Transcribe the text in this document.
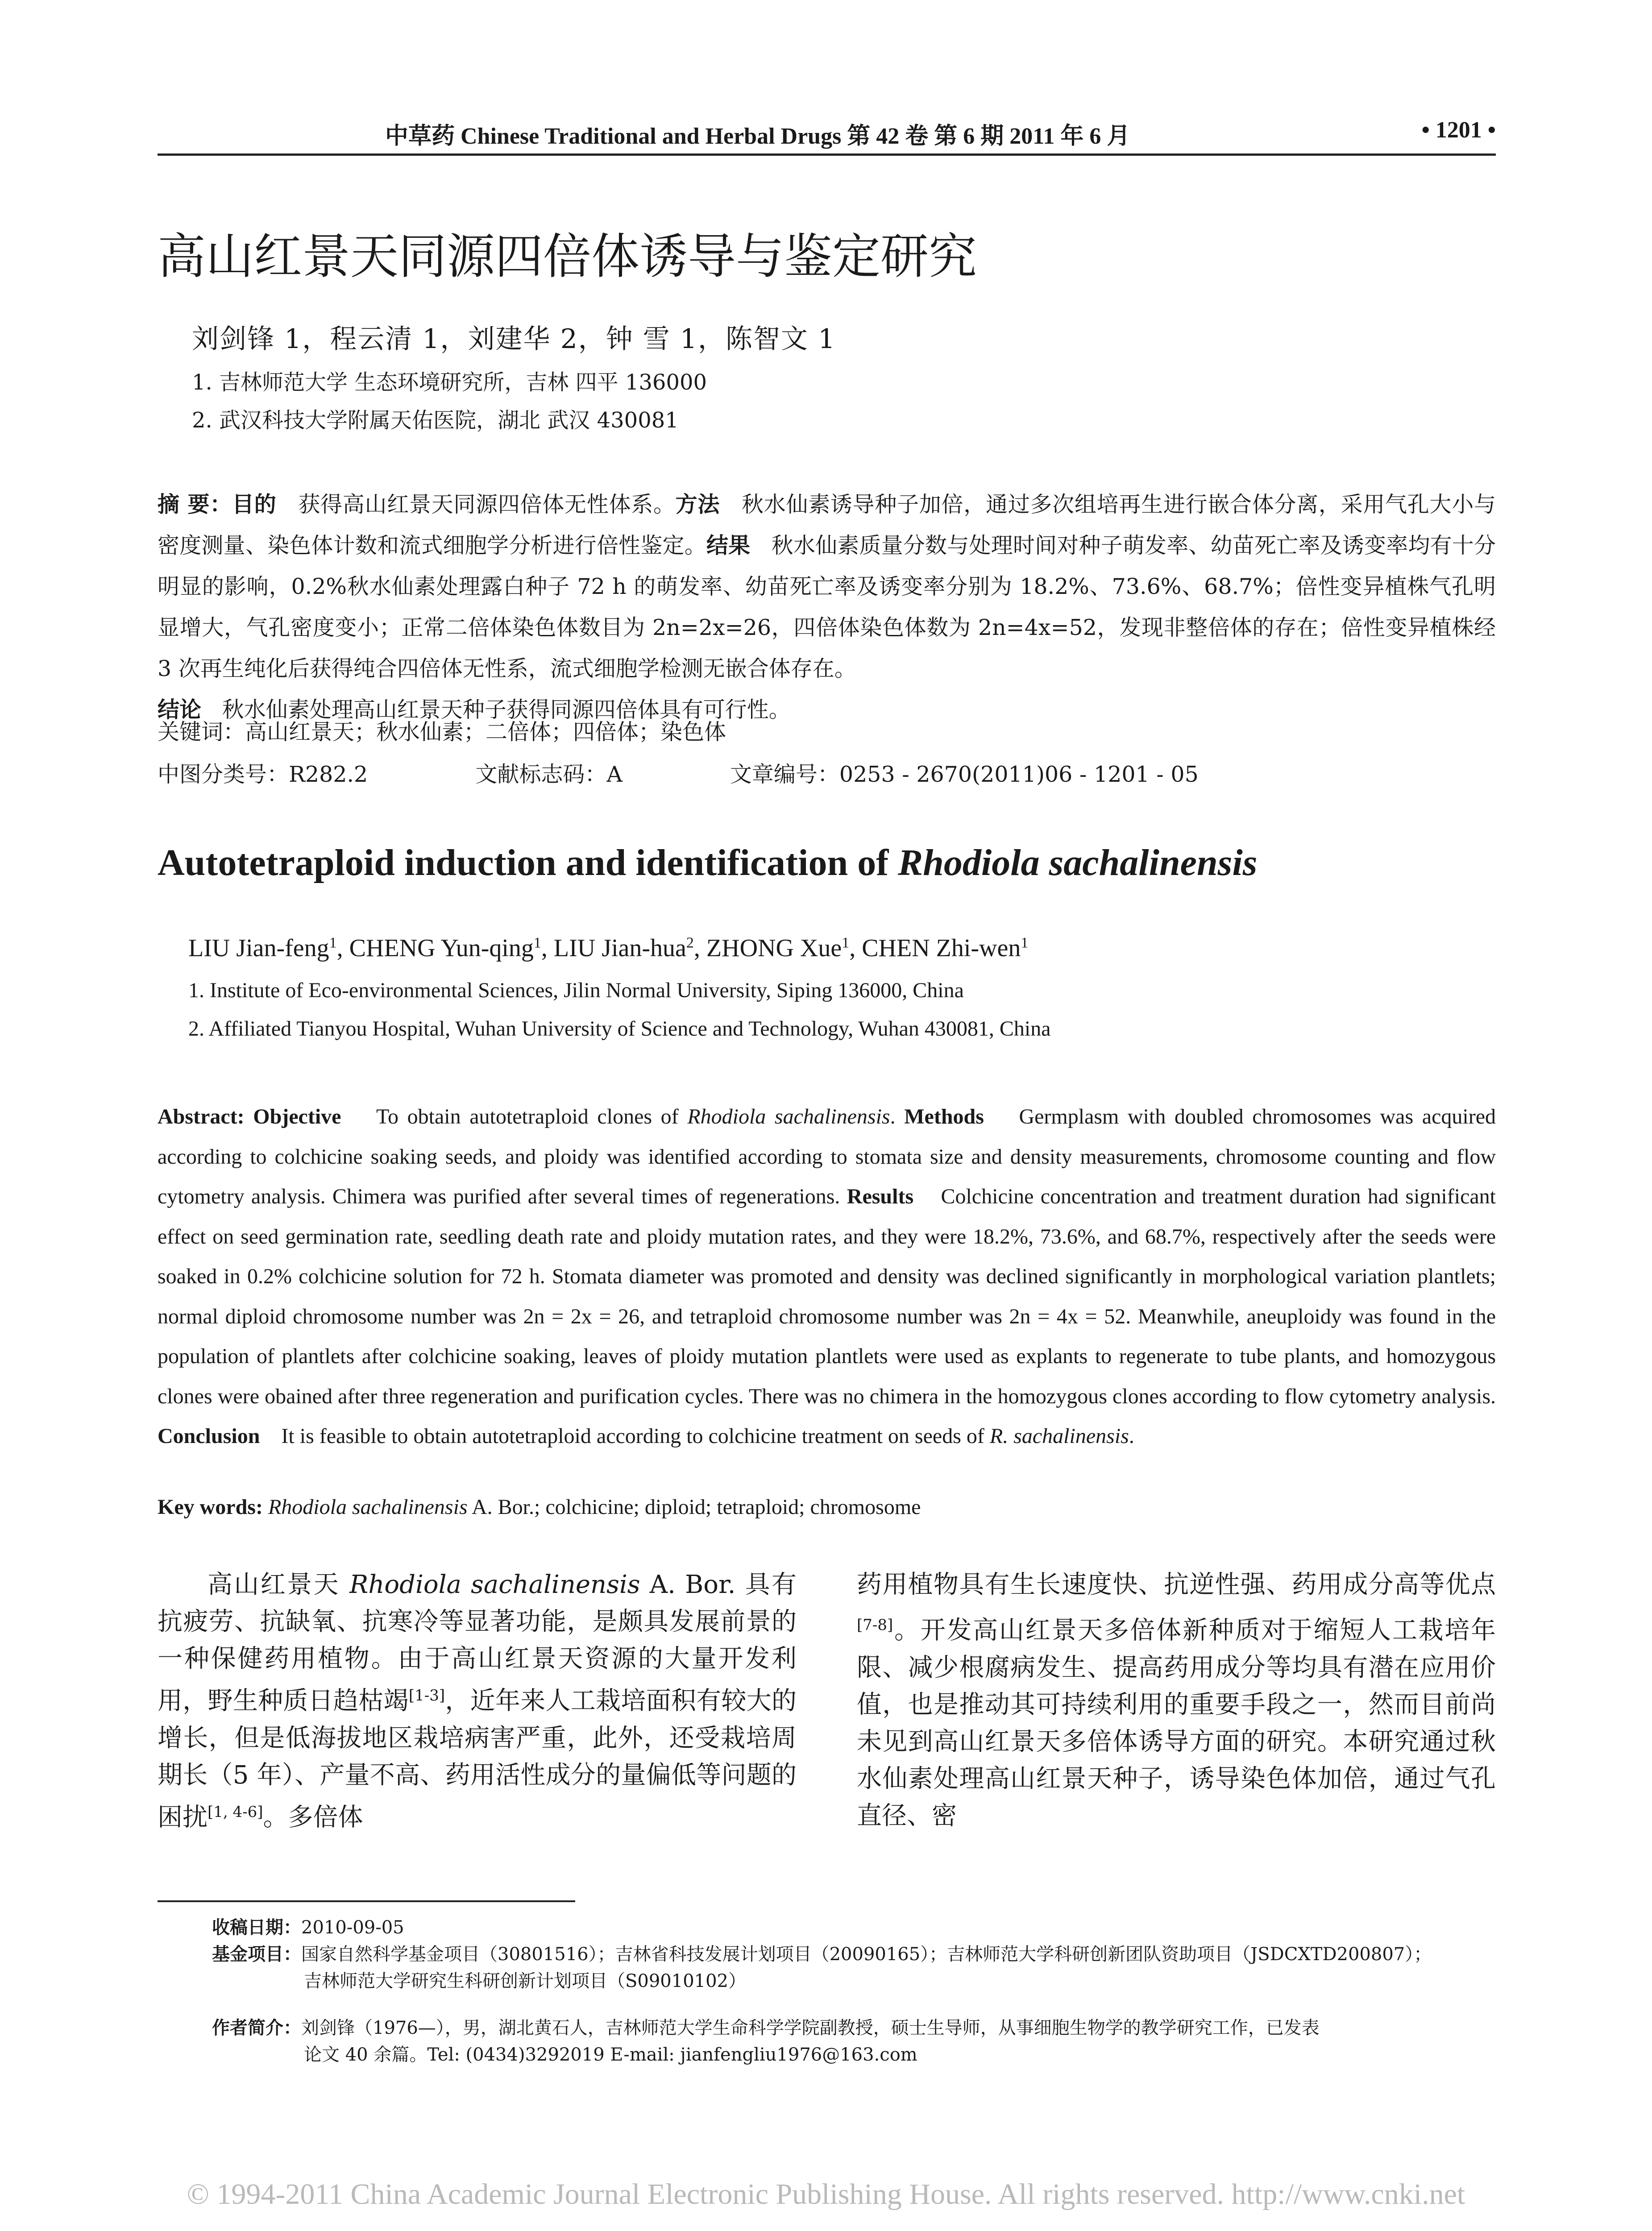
中草药 Chinese Traditional and Herbal Drugs 第 42 卷 第 6 期 2011 年 6 月	• 1201 •
高山红景天同源四倍体诱导与鉴定研究
刘剑锋 1，程云清 1，刘建华 2，钟 雪 1，陈智文 1
1. 吉林师范大学 生态环境研究所，吉林 四平 136000
2. 武汉科技大学附属天佑医院，湖北 武汉 430081
摘 要：目的 获得高山红景天同源四倍体无性体系。方法 秋水仙素诱导种子加倍，通过多次组培再生进行嵌合体分离，采用气孔大小与密度测量、染色体计数和流式细胞学分析进行倍性鉴定。结果 秋水仙素质量分数与处理时间对种子萌发率、幼苗死亡率及诱变率均有十分明显的影响，0.2%秋水仙素处理露白种子 72 h 的萌发率、幼苗死亡率及诱变率分别为 18.2%、73.6%、68.7%；倍性变异植株气孔明显增大，气孔密度变小；正常二倍体染色体数目为 2n=2x=26，四倍体染色体数为 2n=4x=52，发现非整倍体的存在；倍性变异植株经 3 次再生纯化后获得纯合四倍体无性系，流式细胞学检测无嵌合体存在。
结论 秋水仙素处理高山红景天种子获得同源四倍体具有可行性。
关键词：高山红景天；秋水仙素；二倍体；四倍体；染色体
中图分类号：R282.2	文献标志码：A	文章编号：0253 - 2670(2011)06 - 1201 - 05
Autotetraploid induction and identification of Rhodiola sachalinensis
LIU Jian-feng$^1$, CHENG Yun-qing$^1$, LIU Jian-hua$^2$, ZHONG Xue$^1$, CHEN Zhi-wen$^1$
1. Institute of Eco-environmental Sciences, Jilin Normal University, Siping 136000, China
2. Affiliated Tianyou Hospital, Wuhan University of Science and Technology, Wuhan 430081, China
Abstract: Objective To obtain autotetraploid clones of Rhodiola sachalinensis. Methods Germplasm with doubled chromosomes was acquired according to colchicine soaking seeds, and ploidy was identified according to stomata size and density measurements, chromosome counting and flow cytometry analysis. Chimera was purified after several times of regenerations. Results Colchicine concentration and treatment duration had significant effect on seed germination rate, seedling death rate and ploidy mutation rates, and they were 18.2%, 73.6%, and 68.7%, respectively after the seeds were soaked in 0.2% colchicine solution for 72 h. Stomata diameter was promoted and density was declined significantly in morphological variation plantlets; normal diploid chromosome number was 2n = 2x = 26, and tetraploid chromosome number was 2n = 4x = 52. Meanwhile, aneuploidy was found in the population of plantlets after colchicine soaking, leaves of ploidy mutation plantlets were used as explants to regenerate to tube plants, and homozygous clones were obained after three regeneration and purification cycles. There was no chimera in the homozygous clones according to flow cytometry analysis. Conclusion It is feasible to obtain autotetraploid according to colchicine treatment on seeds of R. sachalinensis.
Key words: Rhodiola sachalinensis A. Bor.; colchicine; diploid; tetraploid; chromosome
高山红景天 Rhodiola sachalinensis A. Bor. 具有抗疲劳、抗缺氧、抗寒冷等显著功能，是颇具发展前景的一种保健药用植物。由于高山红景天资源的大量开发利用，野生种质日趋枯竭[1-3]，近年来人工栽培面积有较大的增长，但是低海拔地区栽培病害严重，此外，还受栽培周期长（5 年）、产量不高、药用活性成分的量偏低等问题的困扰[1, 4-6]。多倍体
药用植物具有生长速度快、抗逆性强、药用成分高等优点 [7-8]。开发高山红景天多倍体新种质对于缩短人工栽培年限、减少根腐病发生、提高药用成分等均具有潜在应用价值，也是推动其可持续利用的重要手段之一，然而目前尚未见到高山红景天多倍体诱导方面的研究。本研究通过秋水仙素处理高山红景天种子，诱导染色体加倍，通过气孔直径、密
收稿日期：2010-09-05
基金项目：国家自然科学基金项目（30801516）；吉林省科技发展计划项目（20090165）；吉林师范大学科研创新团队资助项目（JSDCXTD200807）；
吉林师范大学研究生科研创新计划项目（S09010102）
作者简介：刘剑锋（1976—），男，湖北黄石人，吉林师范大学生命科学学院副教授，硕士生导师，从事细胞生物学的教学研究工作，已发表
论文 40 余篇。Tel: (0434)3292019 E-mail: jianfengliu1976@163.com
© 1994-2011 China Academic Journal Electronic Publishing House. All rights reserved. http://www.cnki.net
